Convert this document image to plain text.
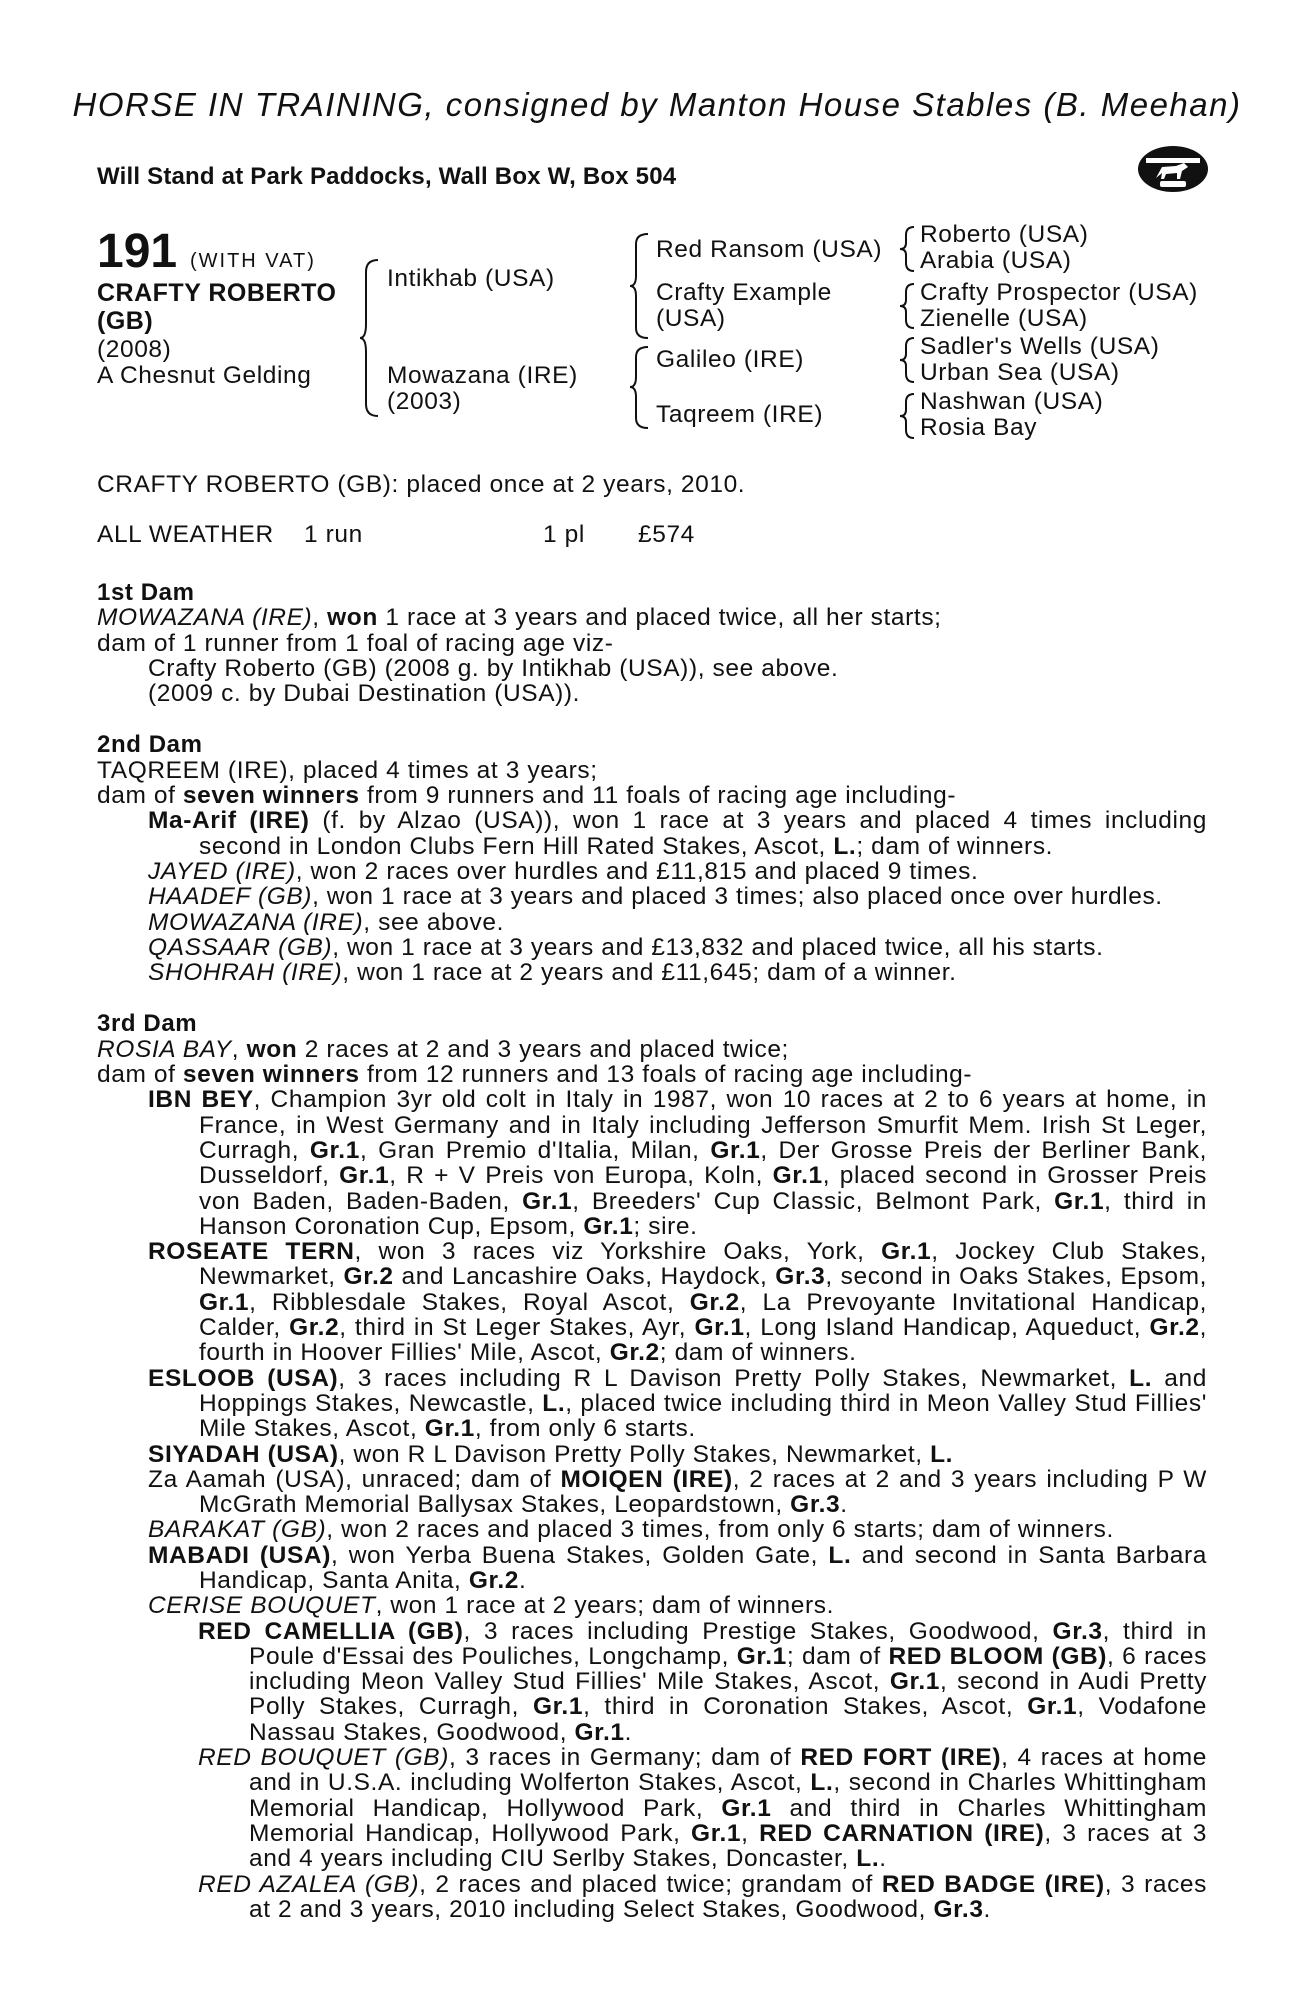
HORSE IN TRAINING, consigned by Manton House Stables (B. Meehan)
Will Stand at Park Paddocks, Wall Box W, Box 504
191 (WITH VAT)
CRAFTY ROBERTO
(GB)
(2008)
A Chesnut Gelding
Intikhab (USA)
Mowazana (IRE)
(2003)
Red Ransom (USA)
Crafty Example
(USA)
Galileo (IRE)
Taqreem (IRE)
Roberto (USA)
Arabia (USA)
Crafty Prospector (USA)
Zienelle (USA)
Sadler's Wells (USA)
Urban Sea (USA)
Nashwan (USA)
Rosia Bay
CRAFTY ROBERTO (GB): placed once at 2 years, 2010.
ALL WEATHER 1 run	1 pl £574

1st Dam

MOWAZANA (IRE), won 1 race at 3 years and placed twice, all her starts;

dam of 1 runner from 1 foal of racing age viz-

Crafty Roberto (GB) (2008 g. by Intikhab (USA)), see above.

(2009 c. by Dubai Destination (USA)).

2nd Dam

TAQREEM (IRE), placed 4 times at 3 years;

dam of seven winners from 9 runners and 11 foals of racing age including-

Ma-Arif (IRE) (f. by Alzao (USA)), won 1 race at 3 years and placed 4 times including second in London Clubs Fern Hill Rated Stakes, Ascot, L.; dam of winners.

JAYED (IRE), won 2 races over hurdles and £11,815 and placed 9 times.

HAADEF (GB), won 1 race at 3 years and placed 3 times; also placed once over hurdles.

MOWAZANA (IRE), see above.

QASSAAR (GB), won 1 race at 3 years and £13,832 and placed twice, all his starts.

SHOHRAH (IRE), won 1 race at 2 years and £11,645; dam of a winner.

3rd Dam

ROSIA BAY, won 2 races at 2 and 3 years and placed twice;

dam of seven winners from 12 runners and 13 foals of racing age including-

IBN BEY, Champion 3yr old colt in Italy in 1987, won 10 races at 2 to 6 years at home, in France, in West Germany and in Italy including Jefferson Smurfit Mem. Irish St Leger, Curragh, Gr.1, Gran Premio d'Italia, Milan, Gr.1, Der Grosse Preis der Berliner Bank, Dusseldorf, Gr.1, R + V Preis von Europa, Koln, Gr.1, placed second in Grosser Preis von Baden, Baden-Baden, Gr.1, Breeders' Cup Classic, Belmont Park, Gr.1, third in Hanson Coronation Cup, Epsom, Gr.1; sire.

ROSEATE TERN, won 3 races viz Yorkshire Oaks, York, Gr.1, Jockey Club Stakes, Newmarket, Gr.2 and Lancashire Oaks, Haydock, Gr.3, second in Oaks Stakes, Epsom, Gr.1, Ribblesdale Stakes, Royal Ascot, Gr.2, La Prevoyante Invitational Handicap, Calder, Gr.2, third in St Leger Stakes, Ayr, Gr.1, Long Island Handicap, Aqueduct, Gr.2, fourth in Hoover Fillies' Mile, Ascot, Gr.2; dam of winners.

ESLOOB (USA), 3 races including R L Davison Pretty Polly Stakes, Newmarket, L. and Hoppings Stakes, Newcastle, L., placed twice including third in Meon Valley Stud Fillies' Mile Stakes, Ascot, Gr.1, from only 6 starts.

SIYADAH (USA), won R L Davison Pretty Polly Stakes, Newmarket, L.

Za Aamah (USA), unraced; dam of MOIQEN (IRE), 2 races at 2 and 3 years including P W McGrath Memorial Ballysax Stakes, Leopardstown, Gr.3.

BARAKAT (GB), won 2 races and placed 3 times, from only 6 starts; dam of winners.

MABADI (USA), won Yerba Buena Stakes, Golden Gate, L. and second in Santa Barbara Handicap, Santa Anita, Gr.2.

CERISE BOUQUET, won 1 race at 2 years; dam of winners.

RED CAMELLIA (GB), 3 races including Prestige Stakes, Goodwood, Gr.3, third in Poule d'Essai des Pouliches, Longchamp, Gr.1; dam of RED BLOOM (GB), 6 races including Meon Valley Stud Fillies' Mile Stakes, Ascot, Gr.1, second in Audi Pretty Polly Stakes, Curragh, Gr.1, third in Coronation Stakes, Ascot, Gr.1, Vodafone Nassau Stakes, Goodwood, Gr.1.

RED BOUQUET (GB), 3 races in Germany; dam of RED FORT (IRE), 4 races at home and in U.S.A. including Wolferton Stakes, Ascot, L., second in Charles Whittingham Memorial Handicap, Hollywood Park, Gr.1 and third in Charles Whittingham Memorial Handicap, Hollywood Park, Gr.1, RED CARNATION (IRE), 3 races at 3 and 4 years including CIU Serlby Stakes, Doncaster, L..

RED AZALEA (GB), 2 races and placed twice; grandam of RED BADGE (IRE), 3 races at 2 and 3 years, 2010 including Select Stakes, Goodwood, Gr.3.
